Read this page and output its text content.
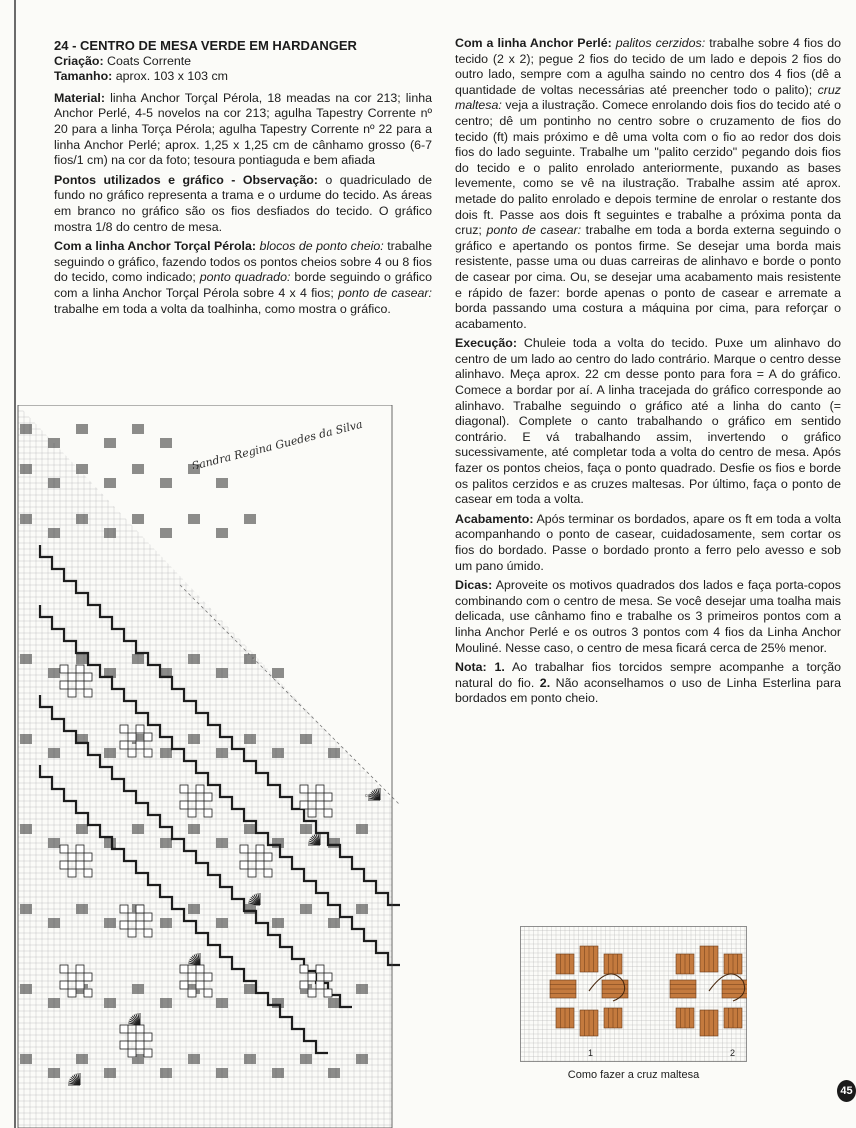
24 - CENTRO DE MESA VERDE EM HARDANGER
Criação: Coats Corrente
Tamanho: aprox. 103 x 103 cm

Material: linha Anchor Torçal Pérola, 18 meadas na cor 213; linha Anchor Perlé, 4-5 novelos na cor 213; agulha Tapestry Corrente nº 20 para a linha Torça Pérola; agulha Tapestry Corrente nº 22 para a linha Anchor Perlé; aprox. 1,25 x 1,25 cm de cânhamo grosso (6-7 fios/1 cm) na cor da foto; tesoura pontiaguda e bem afiada

Pontos utilizados e gráfico - Observação: o quadriculado de fundo no gráfico representa a trama e o urdume do tecido. As áreas em branco no gráfico são os fios desfiados do tecido. O gráfico mostra 1/8 do centro de mesa.

Com a linha Anchor Torçal Pérola: blocos de ponto cheio: trabalhe seguindo o gráfico, fazendo todos os pontos cheios sobre 4 ou 8 fios do tecido, como indicado; ponto quadrado: borde seguindo o gráfico com a linha Anchor Torçal Pérola sobre 4 x 4 fios; ponto de casear: trabalhe em toda a volta da toalhinha, como mostra o gráfico.

centro
Sandra Regina Guedes da Silva

Com a linha Anchor Perlé: palitos cerzidos: trabalhe sobre 4 fios do tecido (2 x 2); pegue 2 fios do tecido de um lado e depois 2 fios do outro lado, sempre com a agulha saindo no centro dos 4 fios (dê a quantidade de voltas necessárias até preencher todo o palito); cruz maltesa: veja a ilustração. Comece enrolando dois fios do tecido até o centro; dê um pontinho no centro sobre o cruzamento de fios do tecido (ft) mais próximo e dê uma volta com o fio ao redor dos dois fios do lado seguinte. Trabalhe um "palito cerzido" pegando dois fios do tecido e o palito enrolado anteriormente, puxando as bases levemente, como se vê na ilustração. Trabalhe assim até aprox. metade do palito enrolado e depois termine de enrolar o restante dos dois ft. Passe aos dois ft seguintes e trabalhe a próxima ponta da cruz; ponto de casear: trabalhe em toda a borda externa seguindo o gráfico e apertando os pontos firme. Se desejar uma borda mais resistente, passe uma ou duas carreiras de alinhavo e borde o ponto de casear por cima. Ou, se desejar uma acabamento mais resistente e rápido de fazer: borde apenas o ponto de casear e arremate a borda passando uma costura a máquina por cima, para reforçar o acabamento.

Execução: Chuleie toda a volta do tecido. Puxe um alinhavo do centro de um lado ao centro do lado contrário. Marque o centro desse alinhavo. Meça aprox. 22 cm desse ponto para fora = A do gráfico. Comece a bordar por aí. A linha tracejada do gráfico corresponde ao alinhavo. Trabalhe seguindo o gráfico até a linha do canto (= diagonal). Complete o canto trabalhando o gráfico em sentido contrário. E vá trabalhando assim, invertendo o gráfico sucessivamente, até completar toda a volta do centro de mesa. Após fazer os pontos cheios, faça o ponto quadrado. Desfie os fios e borde os palitos cerzidos e as cruzes maltesas. Por último, faça o ponto de casear em toda a volta.

Acabamento: Após terminar os bordados, apare os ft em toda a volta acompanhando o ponto de casear, cuidadosamente, sem cortar os fios do bordado. Passe o bordado pronto a ferro pelo avesso e sob um pano úmido.

Dicas: Aproveite os motivos quadrados dos lados e faça porta-copos combinando com o centro de mesa. Se você desejar uma toalha mais delicada, use cânhamo fino e trabalhe os 3 primeiros pontos com a linha Anchor Perlé e os outros 3 pontos com 4 fios da Linha Anchor Mouliné. Nesse caso, o centro de mesa ficará cerca de 25% menor.

Nota: 1. Ao trabalhar fios torcidos sempre acompanhe a torção natural do fio. 2. Não aconselhamos o uso de Linha Esterlina para bordados em ponto cheio.

1	2
Como fazer a cruz maltesa
45
